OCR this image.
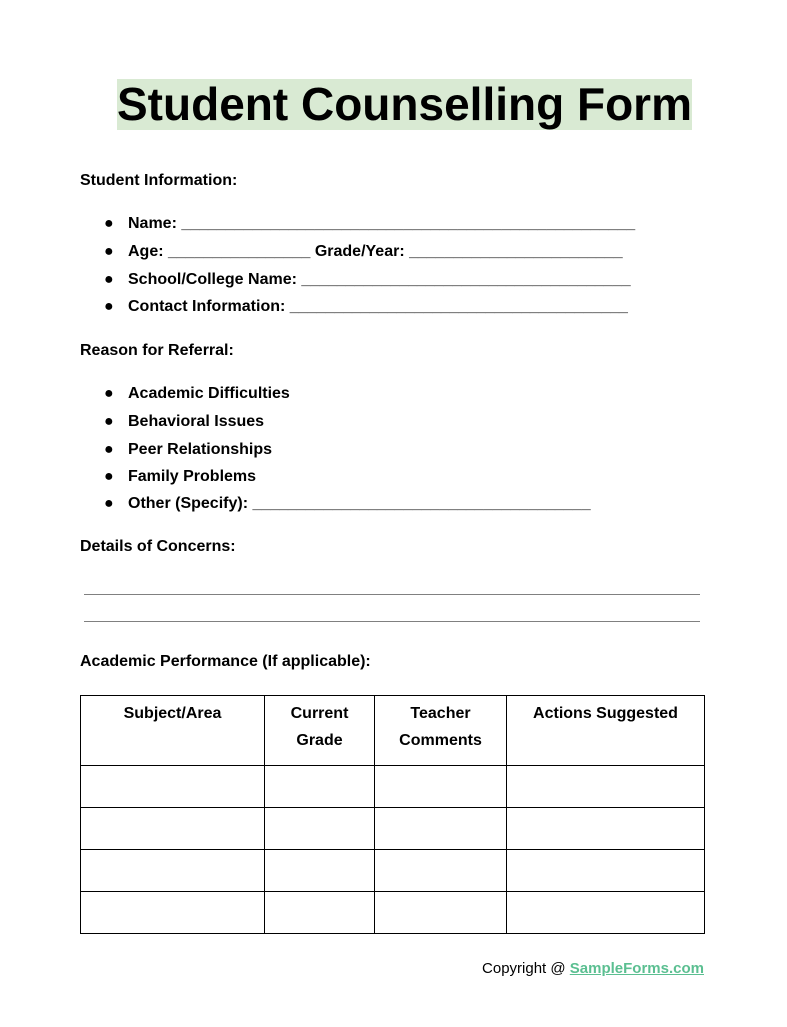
Student Counselling Form
Student Information:
● Name: ___________________________________________________
● Age: ________________ Grade/Year: ________________________
● School/College Name: _____________________________________
● Contact Information: ______________________________________
Reason for Referral:
● Academic Difficulties
● Behavioral Issues
● Peer Relationships
● Family Problems
● Other (Specify): ______________________________________
Details of Concerns:
Academic Performance (If applicable):
Subject/Area	Current Grade	Teacher Comments	Actions Suggested

Copyright @ SampleForms.com
